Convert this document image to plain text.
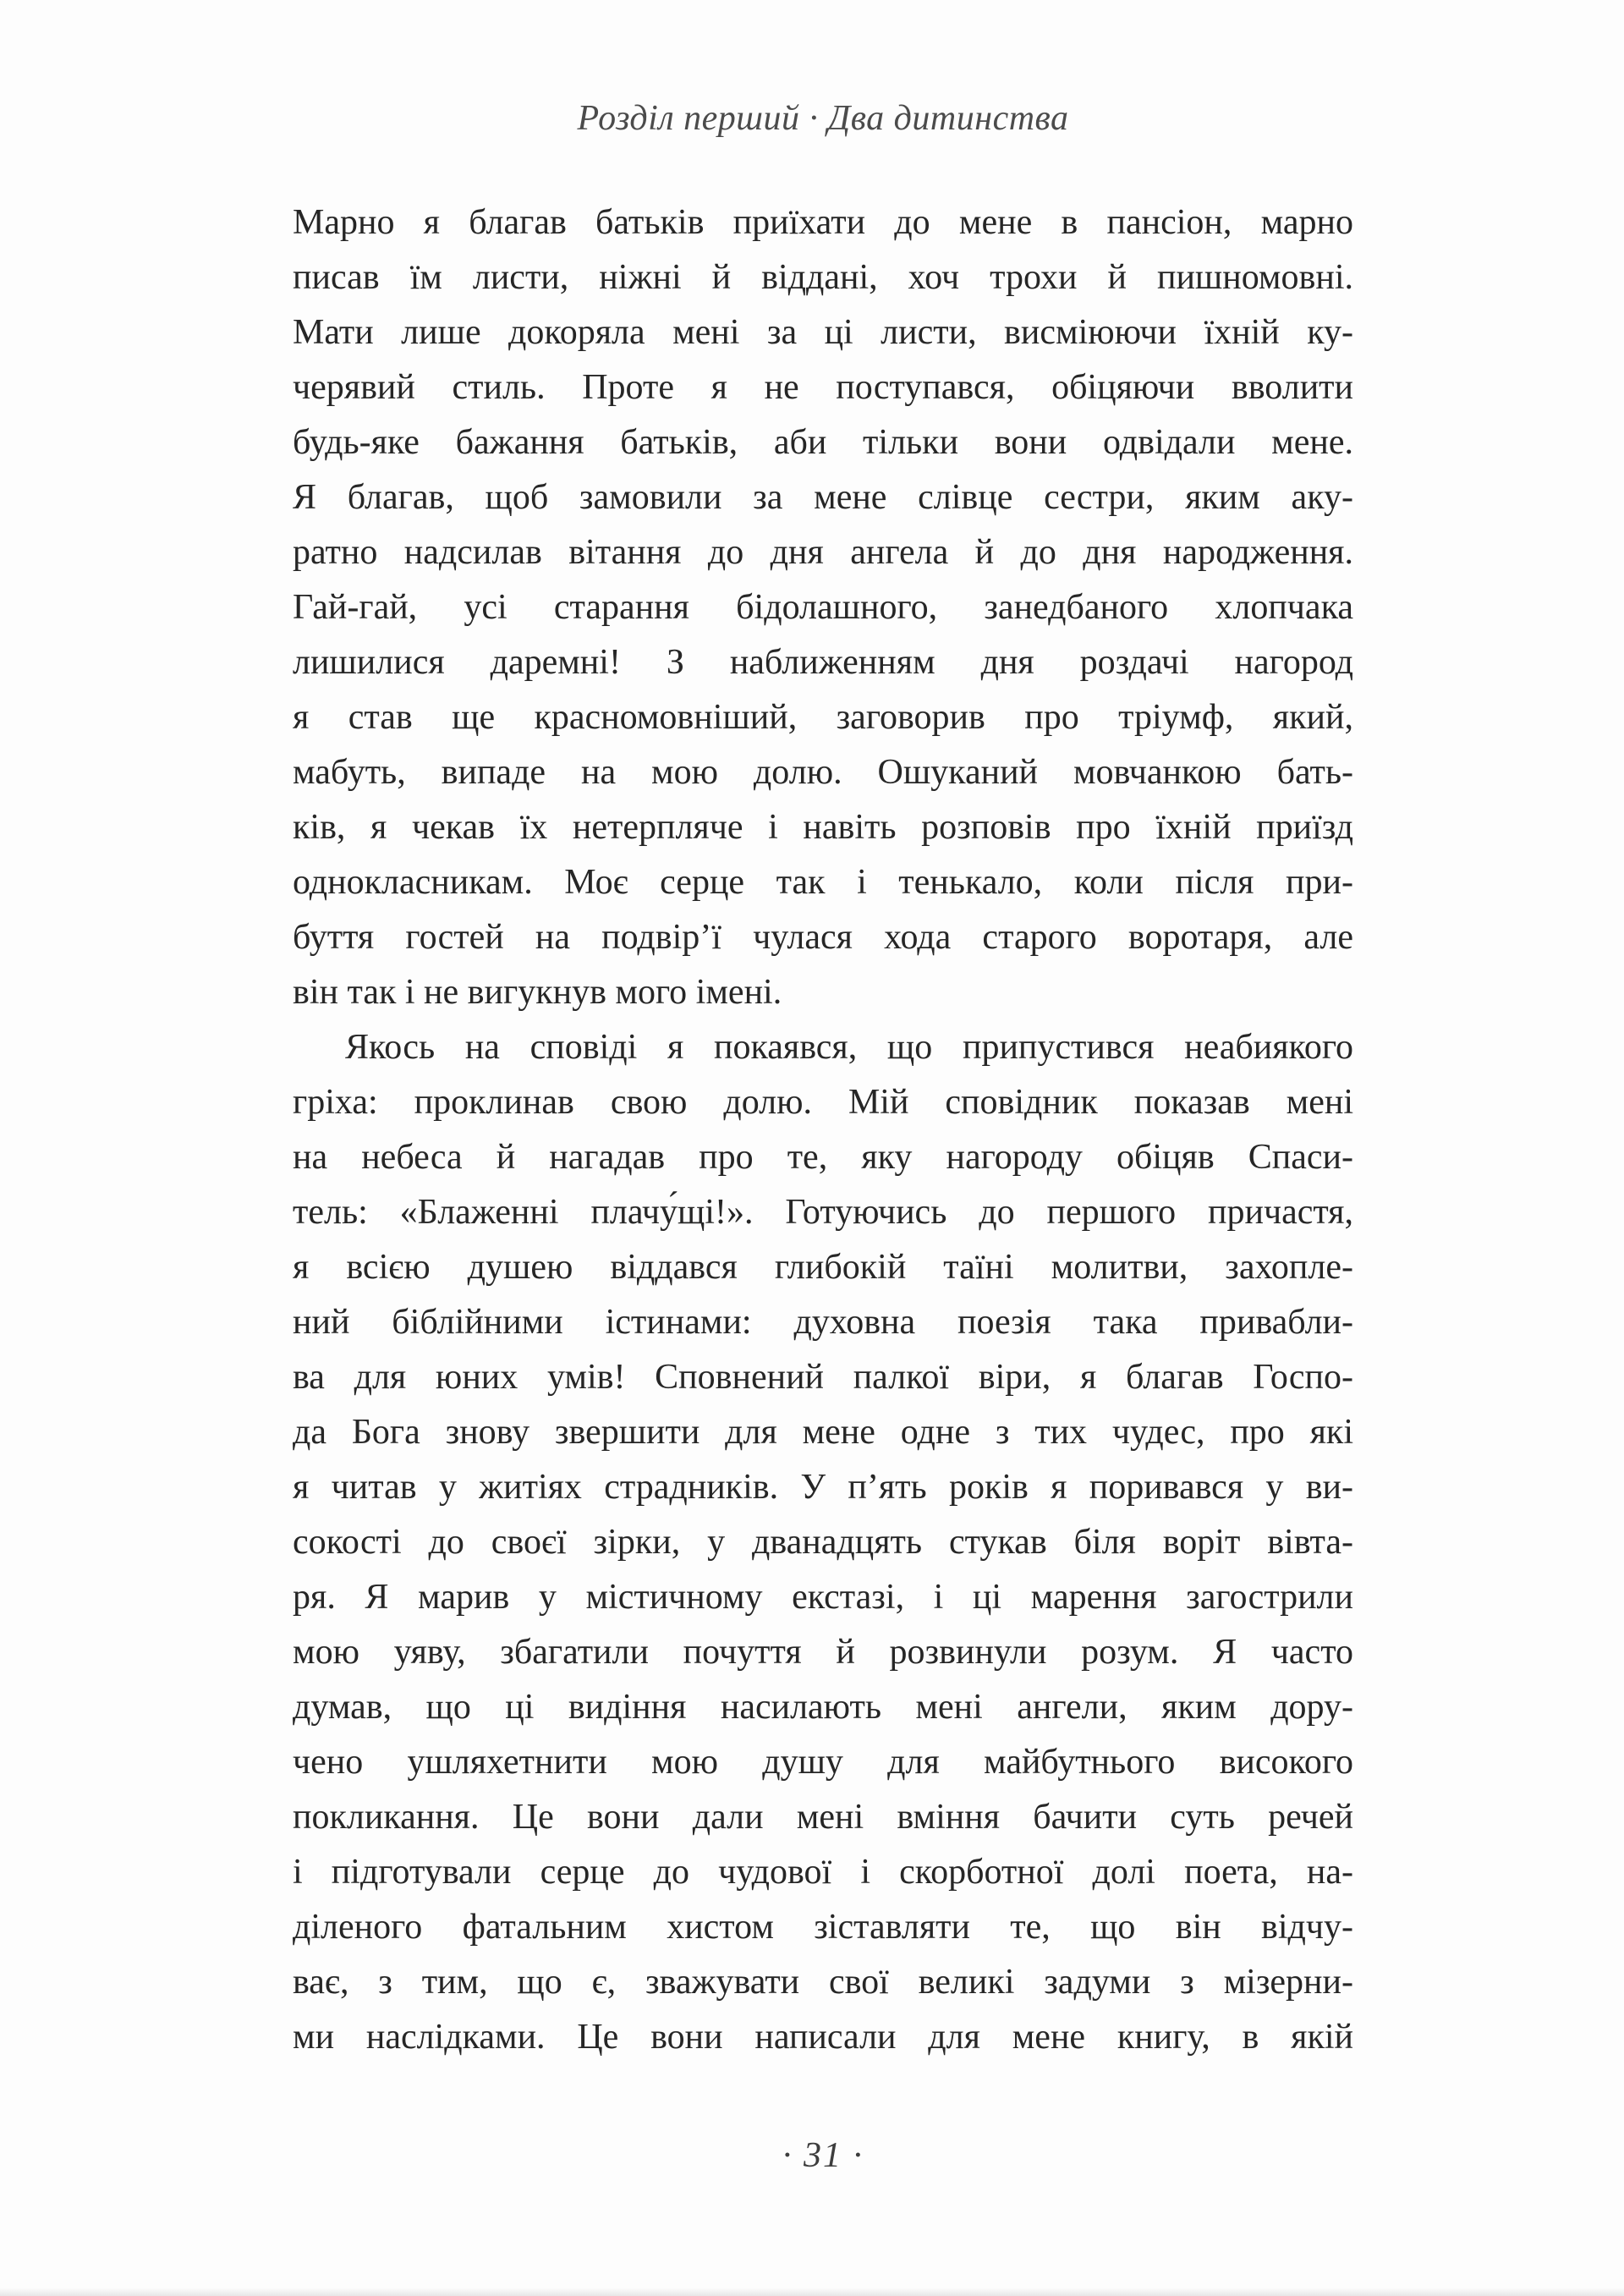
Розділ перший · Два дитинства
Марно я благав батьків приїхати до мене в пансіон, марно
писав їм листи, ніжні й віддані, хоч трохи й пишномовні.
Мати лише докоряла мені за ці листи, висміюючи їхній ку-
черявий стиль. Проте я не поступався, обіцяючи вволити
будь-яке бажання батьків, аби тільки вони одвідали мене.
Я благав, щоб замовили за мене слівце сестри, яким аку-
ратно надсилав вітання до дня ангела й до дня народження.
Гай-гай, усі старання бідолашного, занедбаного хлопчака
лишилися даремні! З наближенням дня роздачі нагород
я став ще красномовніший, заговорив про тріумф, який,
мабуть, випаде на мою долю. Ошуканий мовчанкою бать-
ків, я чекав їх нетерпляче і навіть розповів про їхній приїзд
однокласникам. Моє серце так і тенькало, коли після при-
буття гостей на подвір’ї чулася хода старого воротаря, але
він так і не вигукнув мого імені.
Якось на сповіді я покаявся, що припустився неабиякого
гріха: проклинав свою долю. Мій сповідник показав мені
на небеса й нагадав про те, яку нагороду обіцяв Спаси-
тель: «Блаженні плачу́щі!». Готуючись до першого причастя,
я всією душею віддався глибокій таїні молитви, захопле-
ний біблійними істинами: духовна поезія така привабли-
ва для юних умів! Сповнений палкої віри, я благав Госпо-
да Бога знову звершити для мене одне з тих чудес, про які
я читав у житіях страдників. У п’ять років я поривався у ви-
сокості до своєї зірки, у дванадцять стукав біля воріт вівта-
ря. Я марив у містичному екстазі, і ці марення загострили
мою уяву, збагатили почуття й розвинули розум. Я часто
думав, що ці видіння насилають мені ангели, яким дору-
чено ушляхетнити мою душу для майбутнього високого
покликання. Це вони дали мені вміння бачити суть речей
і підготували серце до чудової і скорботної долі поета, на-
діленого фатальним хистом зіставляти те, що він відчу-
ває, з тим, що є, зважувати свої великі задуми з мізерни-
ми наслідками. Це вони написали для мене книгу, в якій
· 31 ·
